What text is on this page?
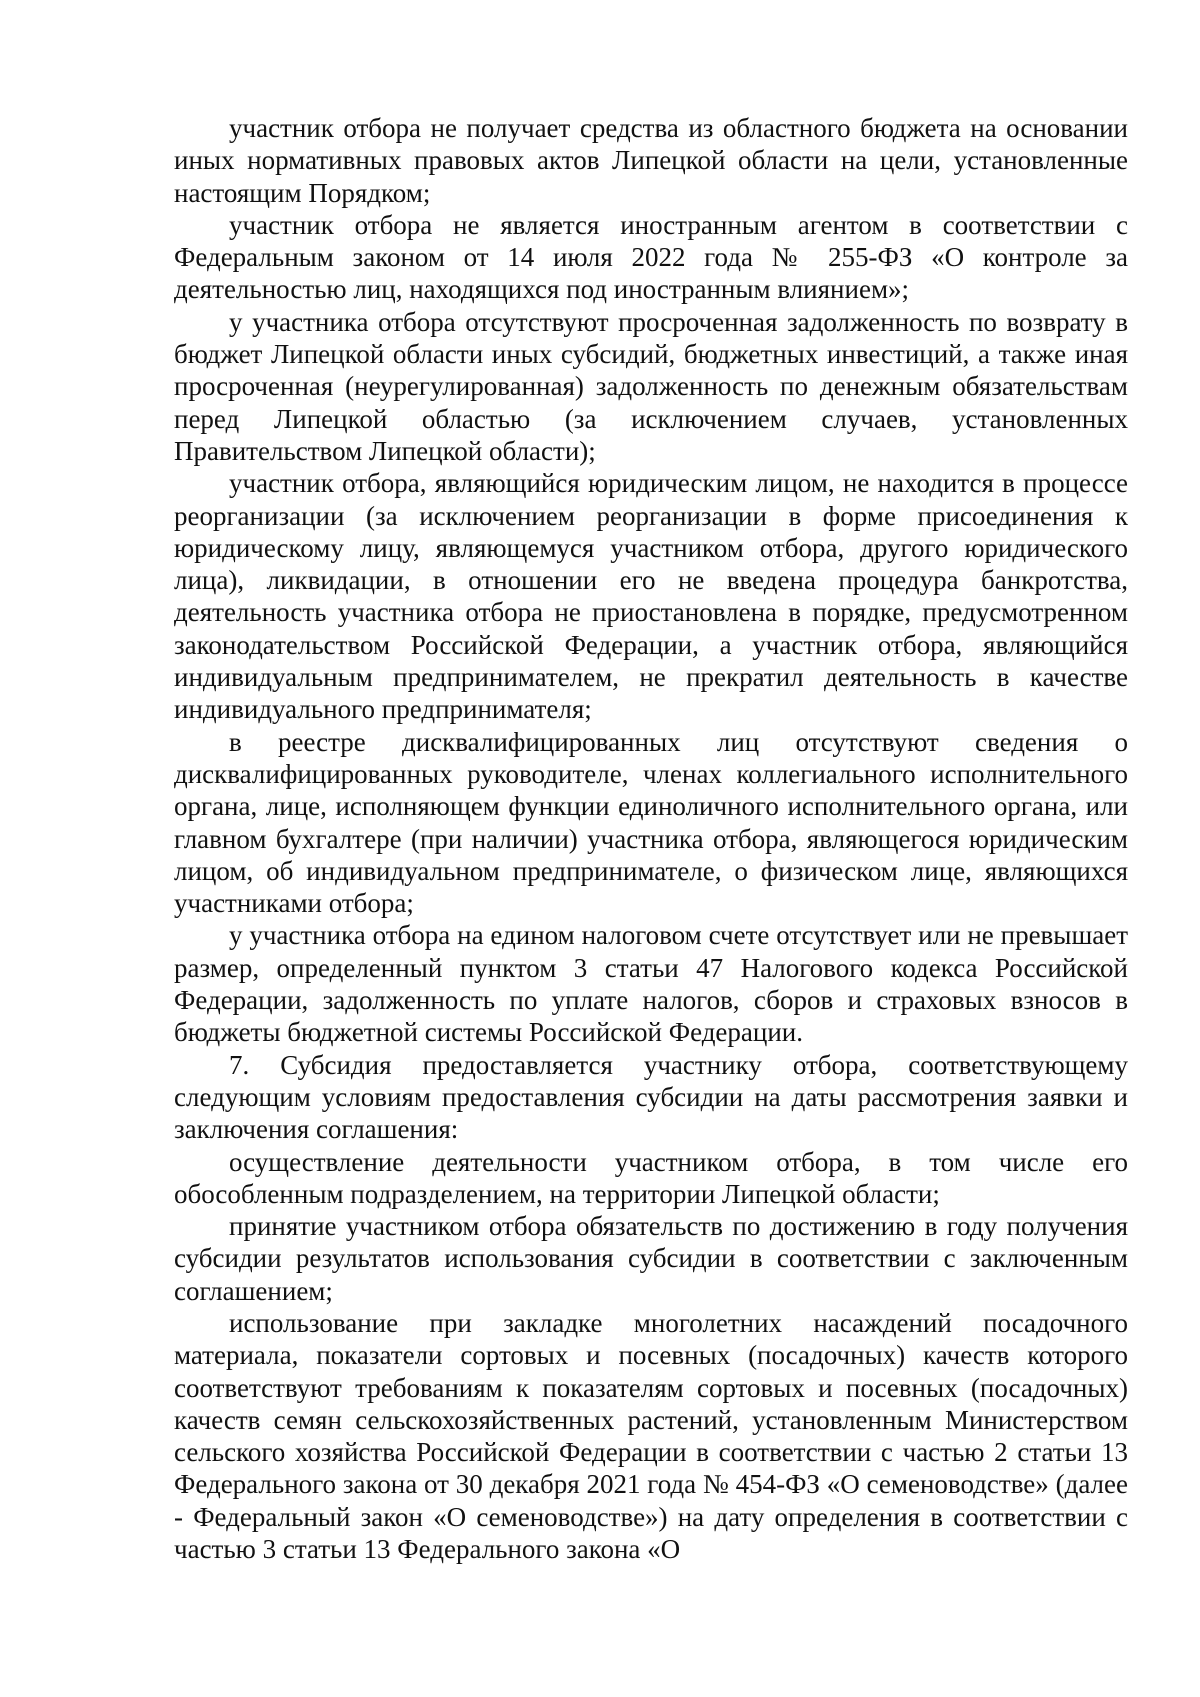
участник отбора не получает средства из областного бюджета на основании иных нормативных правовых актов Липецкой области на цели, установленные настоящим Порядком;

участник отбора не является иностранным агентом в соответствии с Федеральным законом от 14 июля 2022 года № 255-ФЗ «О контроле за деятельностью лиц, находящихся под иностранным влиянием»;

у участника отбора отсутствуют просроченная задолженность по возврату в бюджет Липецкой области иных субсидий, бюджетных инвестиций, а также иная просроченная (неурегулированная) задолженность по денежным обязательствам перед Липецкой областью (за исключением случаев, установленных Правительством Липецкой области);

участник отбора, являющийся юридическим лицом, не находится в процессе реорганизации (за исключением реорганизации в форме присоединения к юридическому лицу, являющемуся участником отбора, другого юридического лица), ликвидации, в отношении его не введена процедура банкротства, деятельность участника отбора не приостановлена в порядке, предусмотренном законодательством Российской Федерации, а участник отбора, являющийся индивидуальным предпринимателем, не прекратил деятельность в качестве индивидуального предпринимателя;

в реестре дисквалифицированных лиц отсутствуют сведения о дисквалифицированных руководителе, членах коллегиального исполнительного органа, лице, исполняющем функции единоличного исполнительного органа, или главном бухгалтере (при наличии) участника отбора, являющегося юридическим лицом, об индивидуальном предпринимателе, о физическом лице, являющихся участниками отбора;

у участника отбора на едином налоговом счете отсутствует или не превышает размер, определенный пунктом 3 статьи 47 Налогового кодекса Российской Федерации, задолженность по уплате налогов, сборов и страховых взносов в бюджеты бюджетной системы Российской Федерации.

7. Субсидия предоставляется участнику отбора, соответствующему следующим условиям предоставления субсидии на даты рассмотрения заявки и заключения соглашения:

осуществление деятельности участником отбора, в том числе его обособленным подразделением, на территории Липецкой области;

принятие участником отбора обязательств по достижению в году получения субсидии результатов использования субсидии в соответствии с заключенным соглашением;

использование при закладке многолетних насаждений посадочного материала, показатели сортовых и посевных (посадочных) качеств которого соответствуют требованиям к показателям сортовых и посевных (посадочных) качеств семян сельскохозяйственных растений, установленным Министерством сельского хозяйства Российской Федерации в соответствии с частью 2 статьи 13 Федерального закона от 30 декабря 2021 года № 454-ФЗ «О семеноводстве» (далее - Федеральный закон «О семеноводстве») на дату определения в соответствии с частью 3 статьи 13 Федерального закона «О
